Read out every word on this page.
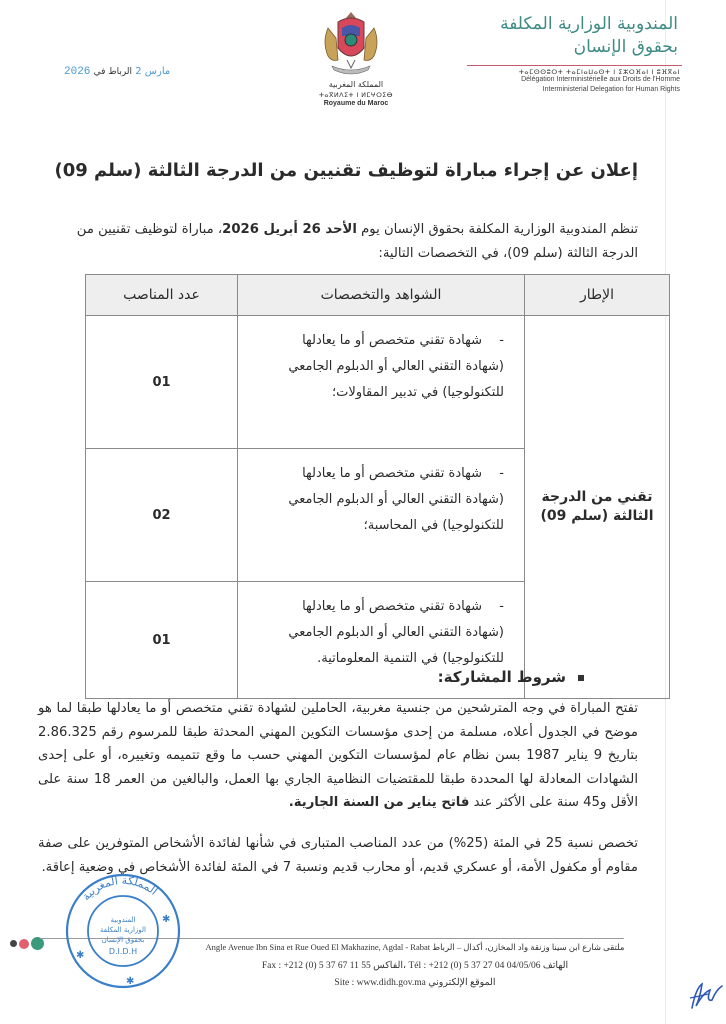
المندوبية الوزارية المكلفة
بحقوق الإنسان
ⵜⴰⵎⵙⵙⵓⵔⵜ ⵜⴰⵎⵏⴰⵡⴰⵙⵜ ⵏ ⵉⵣⵔⴼⴰⵏ ⵏ ⵓⴼⴳⴰⵏ
Délégation Interministérielle aux Droits de l'Homme
Interministerial Delegation for Human Rights
المملكة المغربية
ⵜⴰⴳⵍⴷⵉⵜ ⵏ ⵍⵎⵖⵔⵉⴱ
Royaume du Maroc
2026	مارس 2 الرباط في
إعلان عن إجراء مباراة لتوظيف تقنيين من الدرجة الثالثة (سلم 09)
تنظم المندوبية الوزارية المكلفة بحقوق الإنسان يوم الأحد 26 أبريل 2026، مباراة لتوظيف تقنيين من الدرجة الثالثة (سلم 09)، في التخصصات التالية:
الإطار	الشواهد والتخصصات	عدد المناصب
تقني من الدرجة الثالثة (سلم 09)	-شهادة تقني متخصص أو ما يعادلها
(شهادة التقني العالي أو الدبلوم الجامعي
للتكنولوجيا) في تدبير المقاولات؛	01

	-شهادة تقني متخصص أو ما يعادلها
(شهادة التقني العالي أو الدبلوم الجامعي
للتكنولوجيا) في المحاسبة؛	02

	-شهادة تقني متخصص أو ما يعادلها
(شهادة التقني العالي أو الدبلوم الجامعي
للتكنولوجيا) في التنمية المعلوماتية.	01
شروط المشاركة:
تفتح المباراة في وجه المترشحين من جنسية مغربية، الحاملين لشهادة تقني متخصص أو ما يعادلها طبقا لما هو موضح في الجدول أعلاه، مسلمة من إحدى مؤسسات التكوين المهني المحدثة طبقا للمرسوم رقم 2.86.325 بتاريخ 9 يناير 1987 بسن نظام عام لمؤسسات التكوين المهني حسب ما وقع تتميمه وتغييره، أو على إحدى الشهادات المعادلة لها المحددة طبقا للمقتضيات النظامية الجاري بها العمل، والبالغين من العمر 18 سنة على الأقل و45 سنة على الأكثر عند فاتح يناير من السنة الجارية.
تخصص نسبة 25 في المئة (25%) من عدد المناصب المتبارى في شأنها لفائدة الأشخاص المتوفرين على صفة مقاوم أو مكفول الأمة، أو عسكري قديم، أو محارب قديم ونسبة 7 في المئة لفائدة الأشخاص في وضعية إعاقة.
Angle Avenue Ibn Sina et Rue Oued El Makhazine, Agdal - Rabat ملتقى شارع ابن سينا وزنقة واد المخازن، أكدال – الرباط
Fax : +212 (0) 5 37 67 11 55 الفاكس، Tél : +212 (0) 5 37 27 04 04/05/06 الهاتف
Site : www.didh.gov.ma الموقع الإلكتروني
المملكة المغربية
المندوبية
الوزارية المكلفة
بحقوق الإنسان
D.I.D.H
✱
✱
✱
